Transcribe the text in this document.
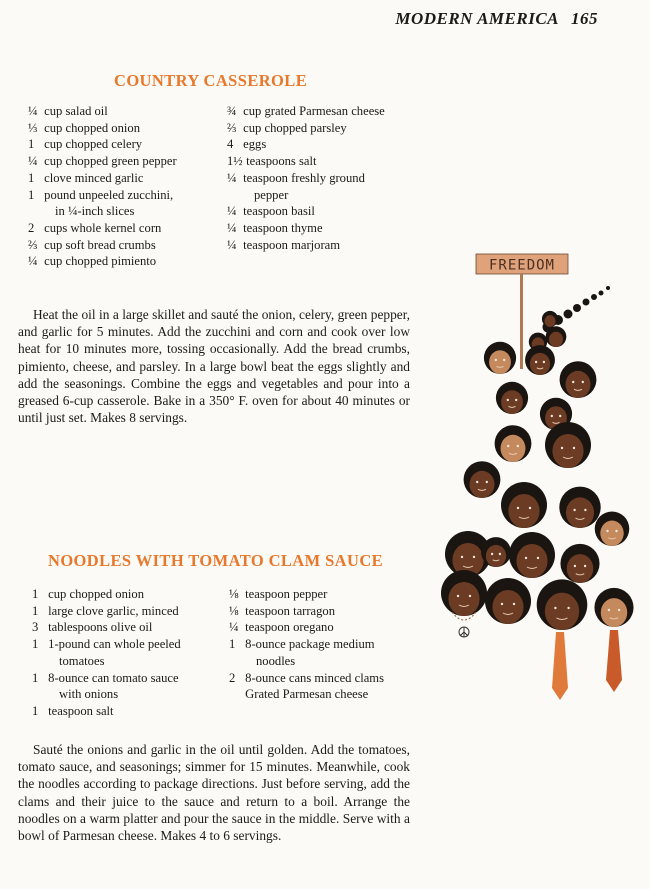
MODERN AMERICA 165
COUNTRY CASSEROLE
¼ cup salad oil
⅓ cup chopped onion
1 cup chopped celery
¼ cup chopped green pepper
1 clove minced garlic
1 pound unpeeled zucchini,
in ¼-inch slices
2 cups whole kernel corn
⅔ cup soft bread crumbs
¼ cup chopped pimiento
¾ cup grated Parmesan cheese
⅔ cup chopped parsley
4 eggs
1½ teaspoons salt
¼ teaspoon freshly ground
pepper
¼ teaspoon basil
¼ teaspoon thyme
¼ teaspoon marjoram

Heat the oil in a large skillet and sauté the onion, celery, green pepper, and garlic for 5 minutes. Add the zucchini and corn and cook over low heat for 10 minutes more, tossing occasionally. Add the bread crumbs, pimiento, cheese, and parsley. In a large bowl beat the eggs slightly and add the seasonings. Combine the eggs and vegetables and pour into a greased 6-cup casserole. Bake in a 350° F. oven for about 40 minutes or until just set. Makes 8 servings.

NOODLES WITH TOMATO CLAM SAUCE
1 cup chopped onion
1 large clove garlic, minced
3 tablespoons olive oil
1 1-pound can whole peeled
tomatoes
1 8-ounce can tomato sauce
with onions
1 teaspoon salt
⅛ teaspoon pepper
⅛ teaspoon tarragon
¼ teaspoon oregano
1 8-ounce package medium
noodles
2 8-ounce cans minced clams
Grated Parmesan cheese

Sauté the onions and garlic in the oil until golden. Add the tomatoes, tomato sauce, and seasonings; simmer for 15 minutes. Meanwhile, cook the noodles according to package directions. Just before serving, add the clams and their juice to the sauce and return to a boil. Arrange the noodles on a warm platter and pour the sauce in the middle. Serve with a bowl of Parmesan cheese. Makes 4 to 6 servings.

FREEDOM
